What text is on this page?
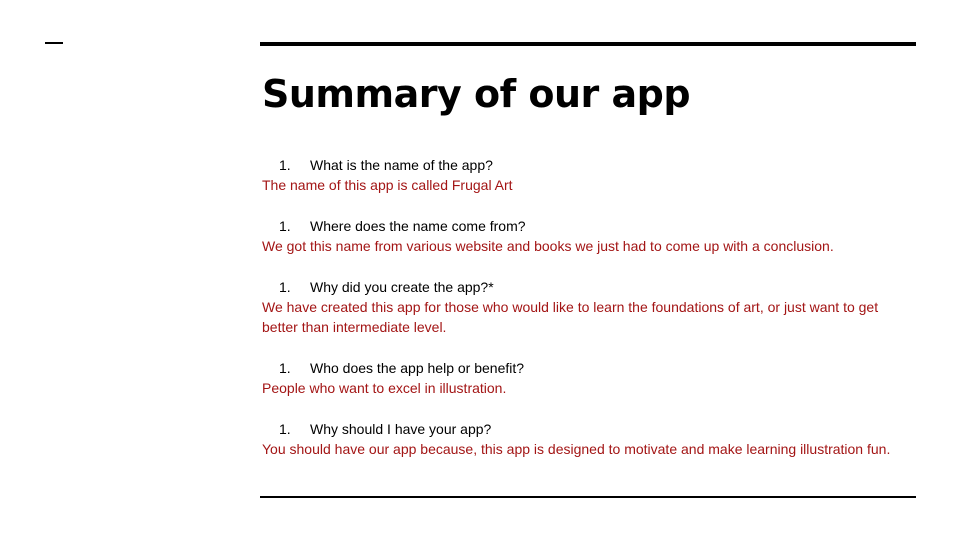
Summary of our app
1.	What is the name of the app?
The name of this app is called Frugal Art
1.	Where does the name come from?
We got this name from various website and books we just had to come up with a conclusion.
1.	Why did you create the app?*
We have created this app for those who would like to learn the foundations of art, or just want to get better than intermediate level.
1.	Who does the app help or benefit?
People who want to excel in illustration.
1.	Why should I have your app?
You should have our app because, this app is designed to motivate and make learning illustration fun.
